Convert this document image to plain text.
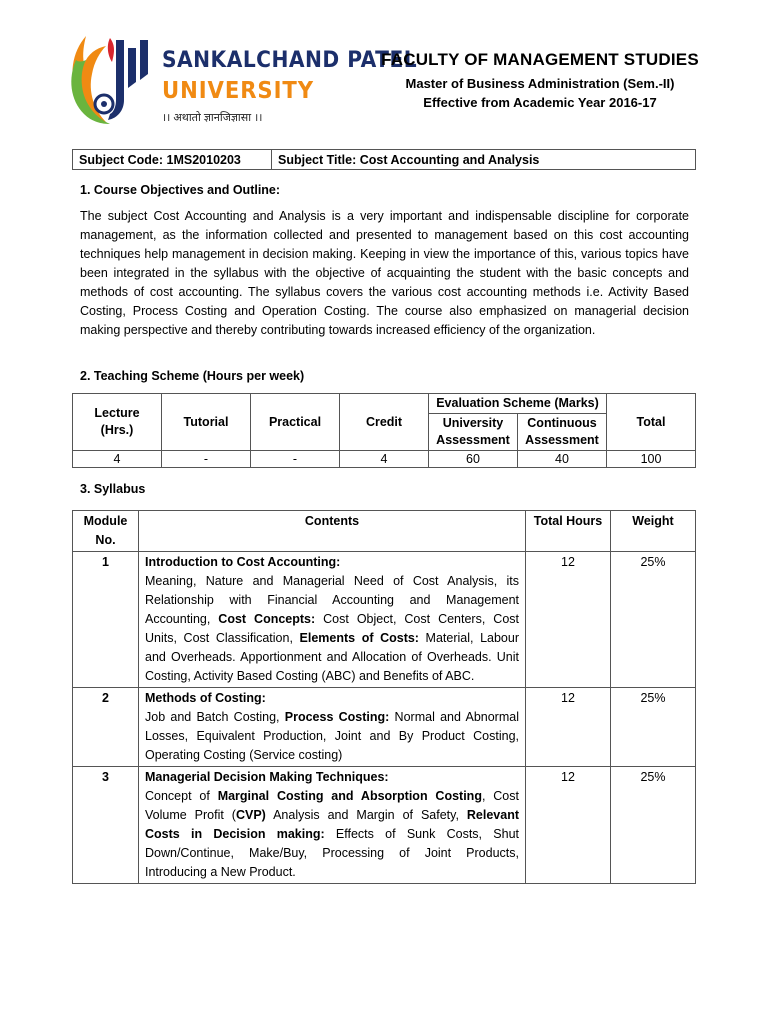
SANKALCHAND PATEL
UNIVERSITY
।। अथातो ज्ञानजिज्ञासा ।।
FACULTY OF MANAGEMENT STUDIES
Master of Business Administration (Sem.-II)
Effective from Academic Year 2016-17
Subject Code: 1MS2010203	Subject Title: Cost Accounting and Analysis
1. Course Objectives and Outline:
The subject Cost Accounting and Analysis is a very important and indispensable discipline for corporate management, as the information collected and presented to management based on this cost accounting techniques help management in decision making. Keeping in view the importance of this, various topics have been integrated in the syllabus with the objective of acquainting the student with the basic concepts and methods of cost accounting. The syllabus covers the various cost accounting methods i.e. Activity Based Costing, Process Costing and Operation Costing. The course also emphasized on managerial decision making perspective and thereby contributing towards increased efficiency of the organization.
2. Teaching Scheme (Hours per week)
Lecture (Hrs.)	Tutorial	Practical	Credit	Evaluation Scheme (Marks)		Total
				University Assessment	Continuous Assessment	
4	-	-	4	60	40	100
3. Syllabus
Module No.	Contents	Total Hours	Weight
1	Introduction to Cost Accounting:
Meaning, Nature and Managerial Need of Cost Analysis, its Relationship with Financial Accounting and Management Accounting, Cost Concepts: Cost Object, Cost Centers, Cost Units, Cost Classification, Elements of Costs: Material, Labour and Overheads. Apportionment and Allocation of Overheads. Unit Costing, Activity Based Costing (ABC) and Benefits of ABC.	12	25%
2	Methods of Costing:
Job and Batch Costing, Process Costing: Normal and Abnormal Losses, Equivalent Production, Joint and By Product Costing, Operating Costing (Service costing)	12	25%
3	Managerial Decision Making Techniques:
Concept of Marginal Costing and Absorption Costing, Cost Volume Profit (CVP) Analysis and Margin of Safety, Relevant Costs in Decision making: Effects of Sunk Costs, Shut Down/Continue, Make/Buy, Processing of Joint Products, Introducing a New Product.	12	25%
